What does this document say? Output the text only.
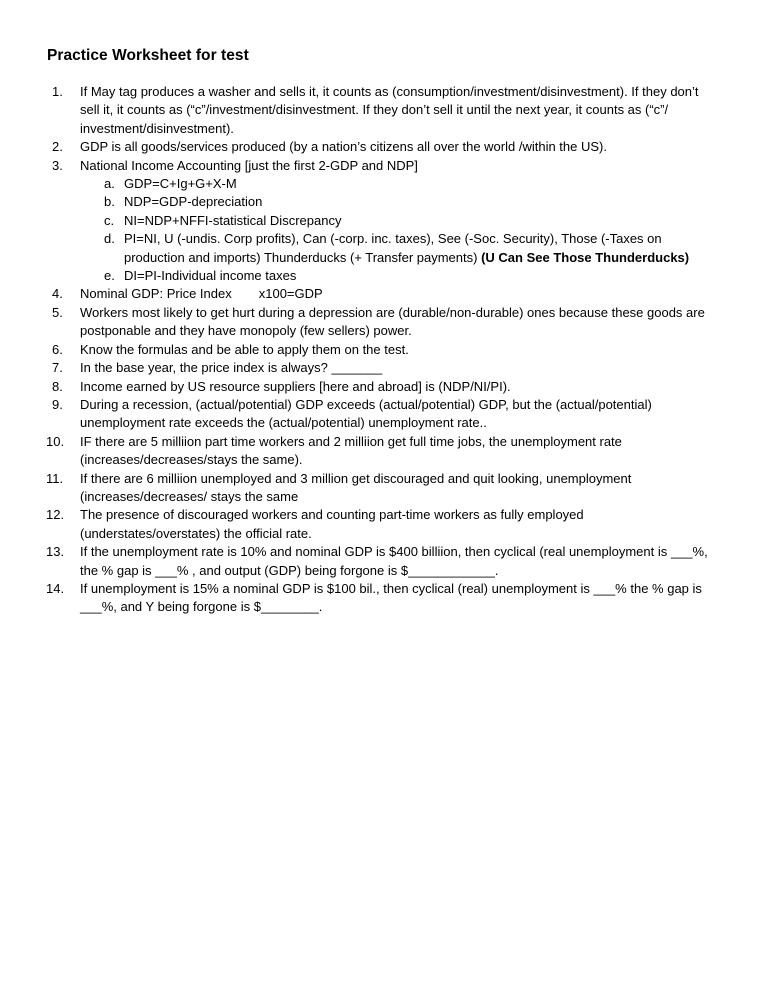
Practice Worksheet for test
1.	If May tag produces a washer and sells it, it counts as (consumption/investment/disinvestment). If they don’t sell it, it counts as (“c”/investment/disinvestment. If they don’t sell it until the next year, it counts as (“c”/ investment/disinvestment).
2.	GDP is all goods/services produced (by a nation’s citizens all over the world /within the US).
3.	National Income Accounting [just the first 2-GDP and NDP]
a. GDP=C+Ig+G+X-M
b. NDP=GDP-depreciation
c. NI=NDP+NFFI-statistical Discrepancy
d. PI=NI, U (-undis. Corp profits), Can (-corp. inc. taxes), See (-Soc. Security), Those (-Taxes on production and imports) Thunderducks (+ Transfer payments) (U Can See Those Thunderducks)
e. DI=PI-Individual income taxes
4.	Nominal GDP: Price Index x100=GDP
5.	Workers most likely to get hurt during a depression are (durable/non-durable) ones because these goods are postponable and they have monopoly (few sellers) power.
6.	Know the formulas and be able to apply them on the test.
7.	In the base year, the price index is always? _______
8.	Income earned by US resource suppliers [here and abroad] is (NDP/NI/PI).
9.	During a recession, (actual/potential) GDP exceeds (actual/potential) GDP, but the (actual/potential) unemployment rate exceeds the (actual/potential) unemployment rate..
10.	IF there are 5 milliion part time workers and 2 milliion get full time jobs, the unemployment rate (increases/decreases/stays the same).
11.	If there are 6 milliion unemployed and 3 million get discouraged and quit looking, unemployment (increases/decreases/ stays the same
12.	The presence of discouraged workers and counting part-time workers as fully employed (understates/overstates) the official rate.
13.	If the unemployment rate is 10% and nominal GDP is $400 billiion, then cyclical (real unemployment is ___%, the % gap is ___% , and output (GDP) being forgone is $____________.
14.	If unemployment is 15% a nominal GDP is $100 bil., then cyclical (real) unemployment is ___% the % gap is ___%, and Y being forgone is $________.
